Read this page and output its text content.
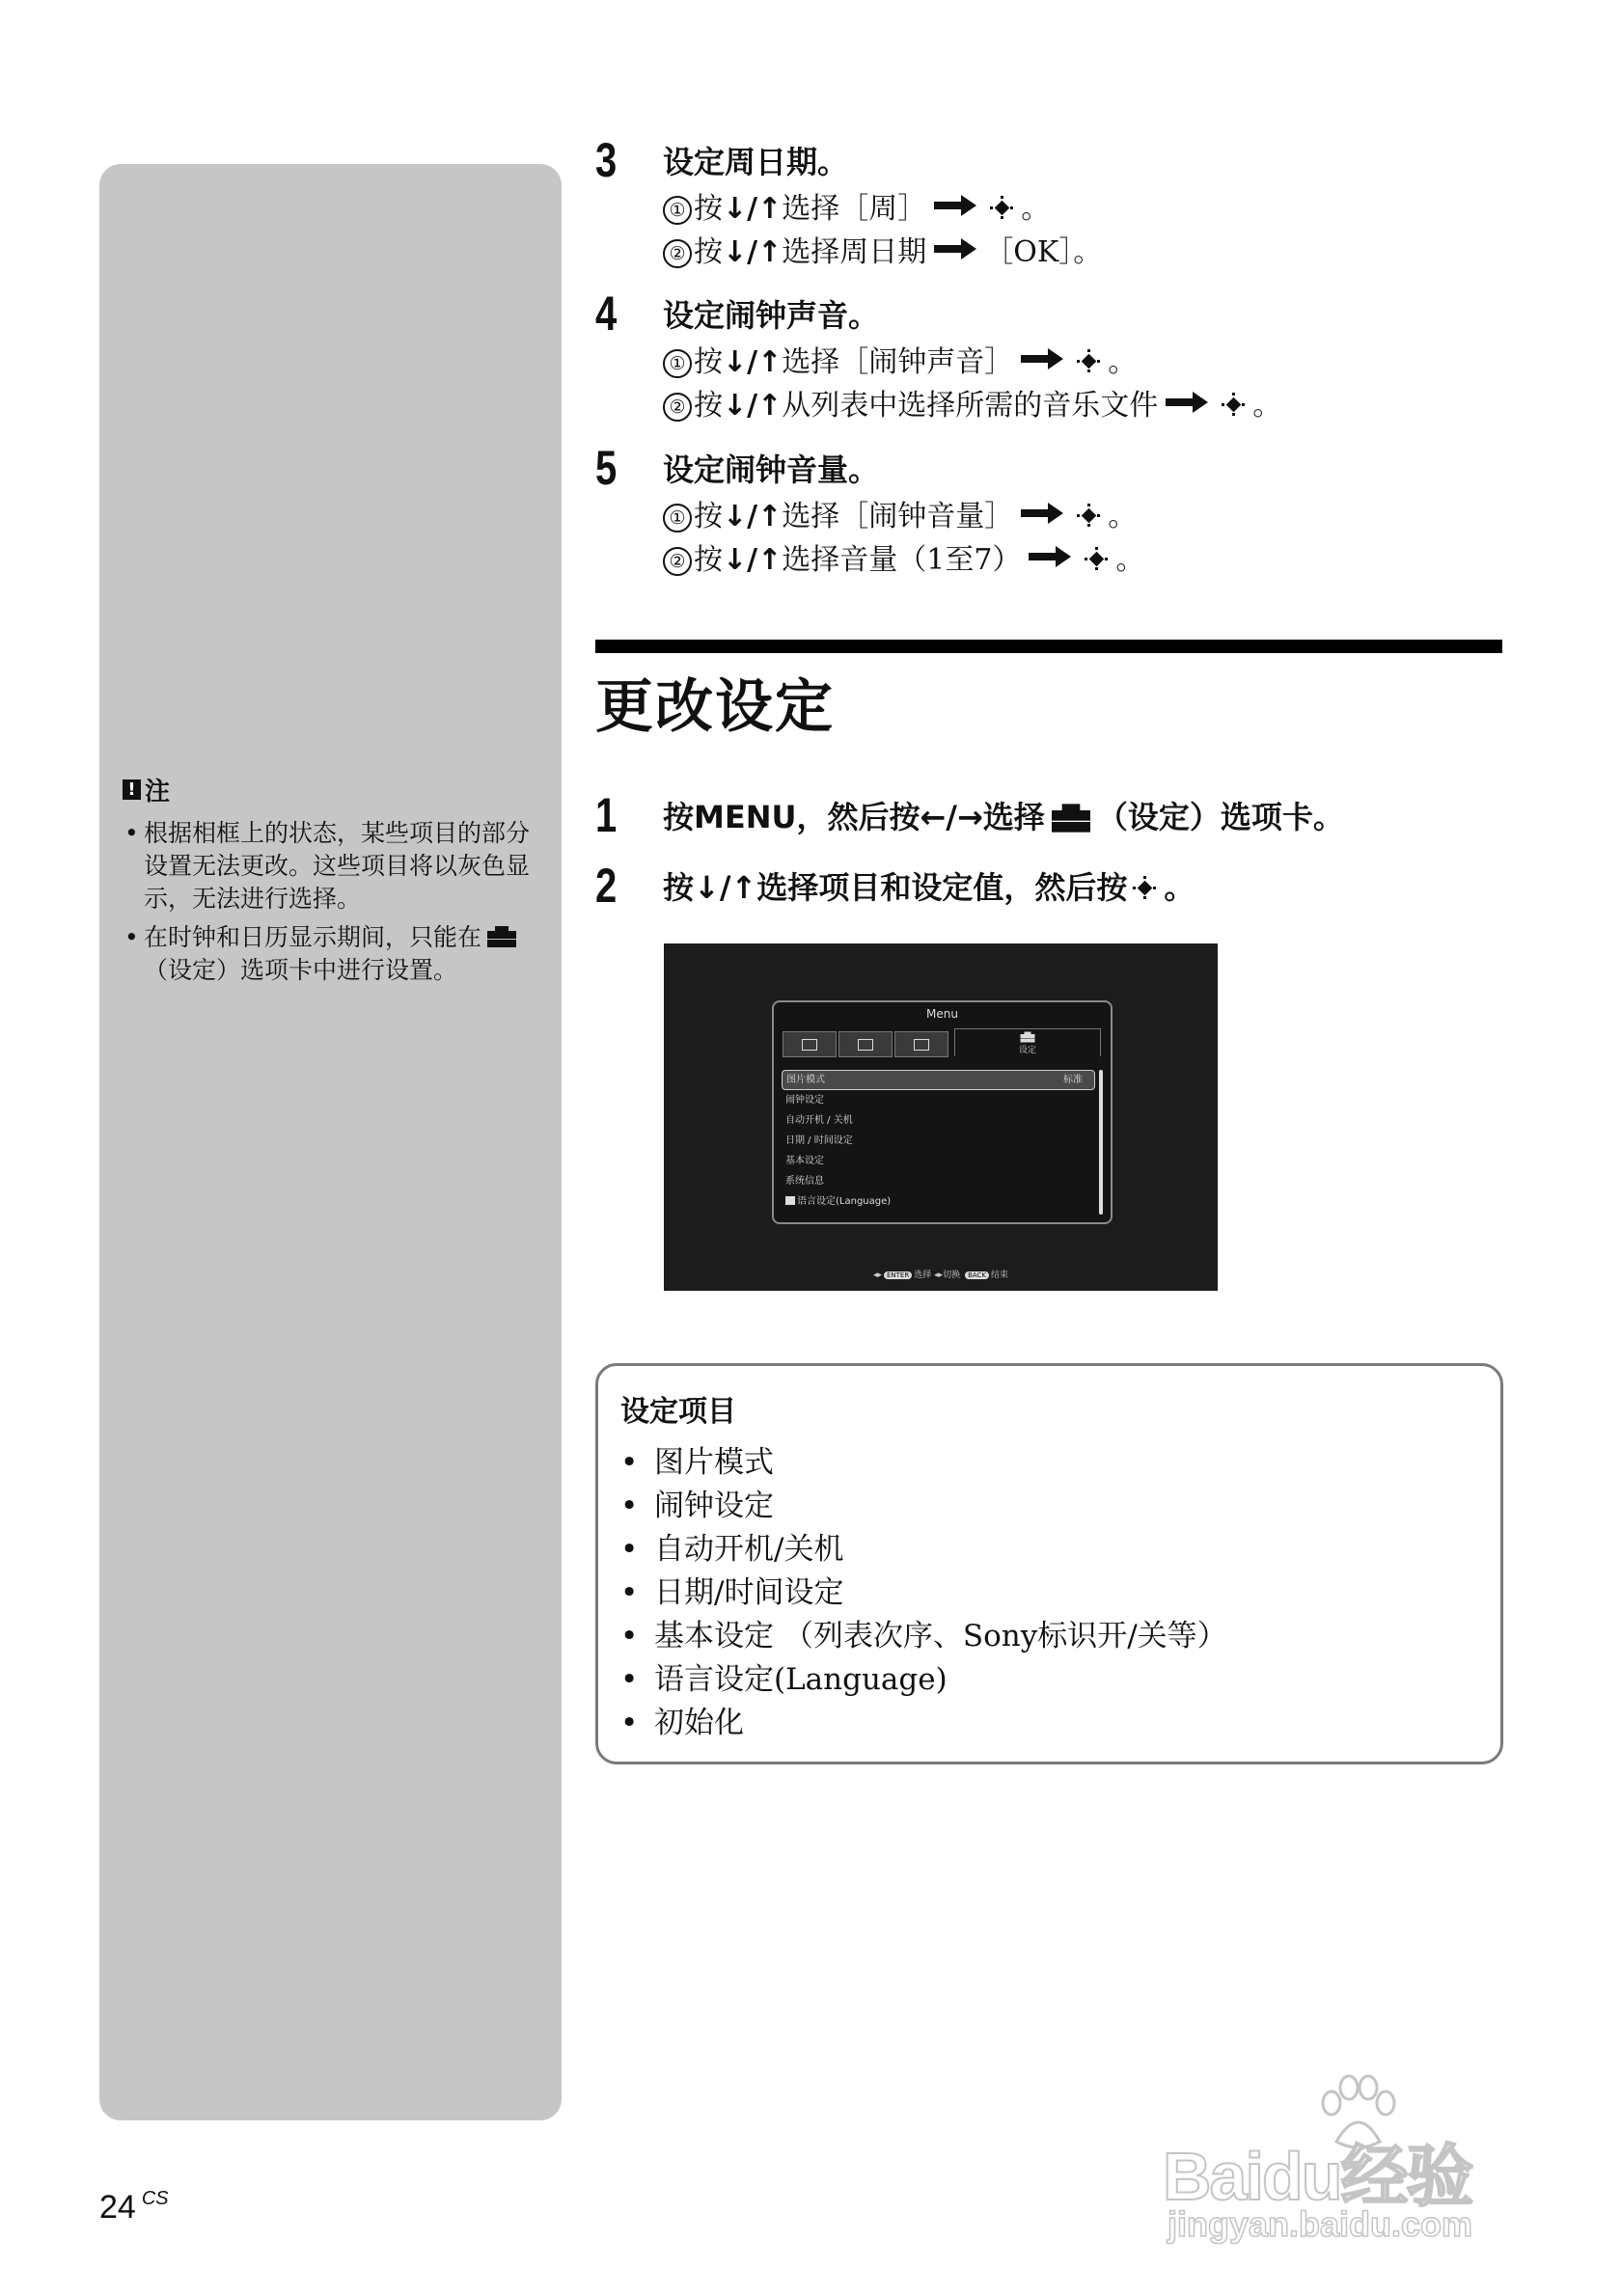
! 注
• 根据相框上的状态，某些项目的部分设置无法更改。这些项目将以灰色显示，无法进行选择。
• 在时钟和日历显示期间，只能在（设定）选项卡中进行设置。
3 设定周日期。
① 按↓/↑选择［周］	。
② 按↓/↑选择周日期 ［OK］。
4 设定闹钟声音。
① 按↓/↑选择［闹钟声音］	。
② 按↓/↑从列表中选择所需的音乐文件	。
5 设定闹钟音量。
① 按↓/↑选择［闹钟音量］	。
② 按↓/↑选择音量（1至7）	。
更改设定
1 按MENU，然后按←/→选择 （设定）选项卡。
2 按↓/↑选择项目和设定值，然后按 。
Menu
设定
图片模式	标准
闹钟设定
自动开机 / 关机
日期 / 时间设定
基本设定
系统信息
语言设定(Language)
◂▸ ENTER 选择 ◂▸切换 BACK 结束
设定项目
• 图片模式
• 闹钟设定
• 自动开机/关机
• 日期/时间设定
• 基本设定 （列表次序、Sony标识开/关等）
• 语言设定(Language)
• 初始化
24 $^{CS}$	Baidu经验
jingyan.baidu.com
